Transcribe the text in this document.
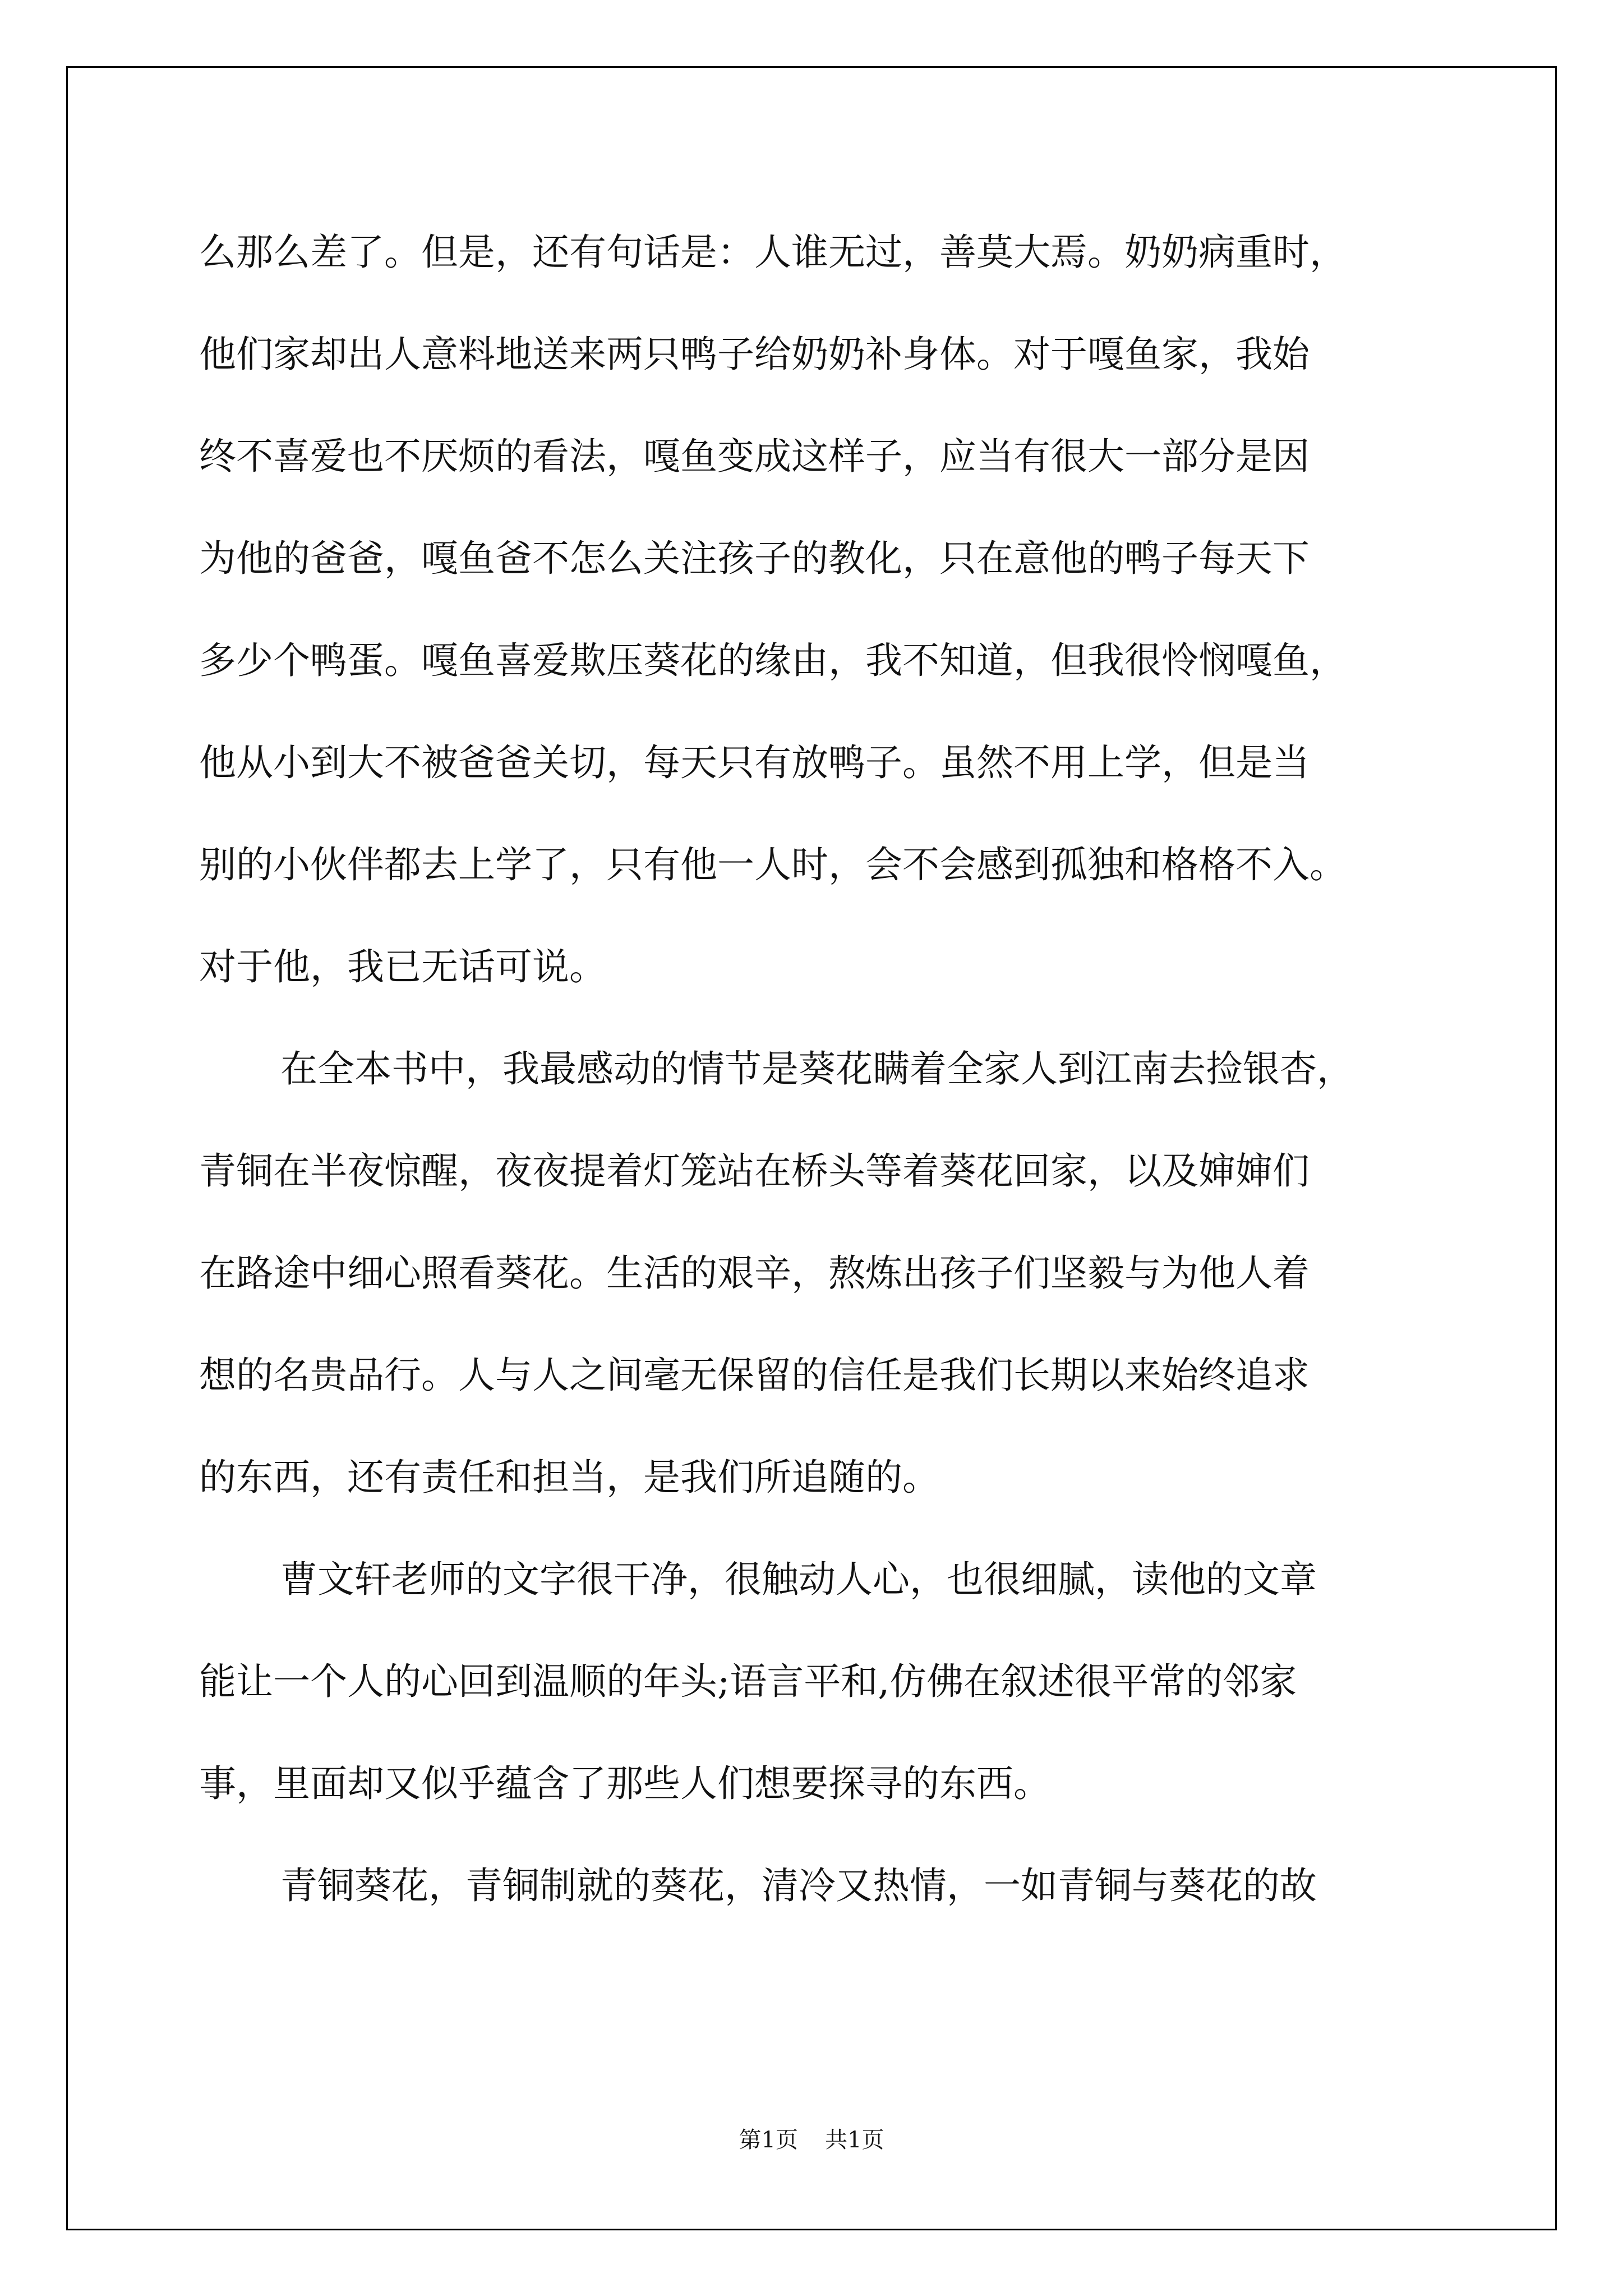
么那么差了。但是，还有句话是：人谁无过，善莫大焉。奶奶病重时，

他们家却出人意料地送来两只鸭子给奶奶补身体。对于嘎鱼家，我始

终不喜爱也不厌烦的看法，嘎鱼变成这样子，应当有很大一部分是因

为他的爸爸，嘎鱼爸不怎么关注孩子的教化，只在意他的鸭子每天下

多少个鸭蛋。嘎鱼喜爱欺压葵花的缘由，我不知道，但我很怜悯嘎鱼，

他从小到大不被爸爸关切，每天只有放鸭子。虽然不用上学，但是当

别的小伙伴都去上学了，只有他一人时，会不会感到孤独和格格不入。

对于他，我已无话可说。

在全本书中，我最感动的情节是葵花瞒着全家人到江南去捡银杏，

青铜在半夜惊醒，夜夜提着灯笼站在桥头等着葵花回家，以及婶婶们

在路途中细心照看葵花。生活的艰辛，熬炼出孩子们坚毅与为他人着

想的名贵品行。人与人之间毫无保留的信任是我们长期以来始终追求

的东西，还有责任和担当，是我们所追随的。

曹文轩老师的文字很干净，很触动人心，也很细腻，读他的文章

能让一个人的心回到温顺的年头;语言平和,仿佛在叙述很平常的邻家

事，里面却又似乎蕴含了那些人们想要探寻的东西。

青铜葵花，青铜制就的葵花，清冷又热情，一如青铜与葵花的故

第1页 共1页
